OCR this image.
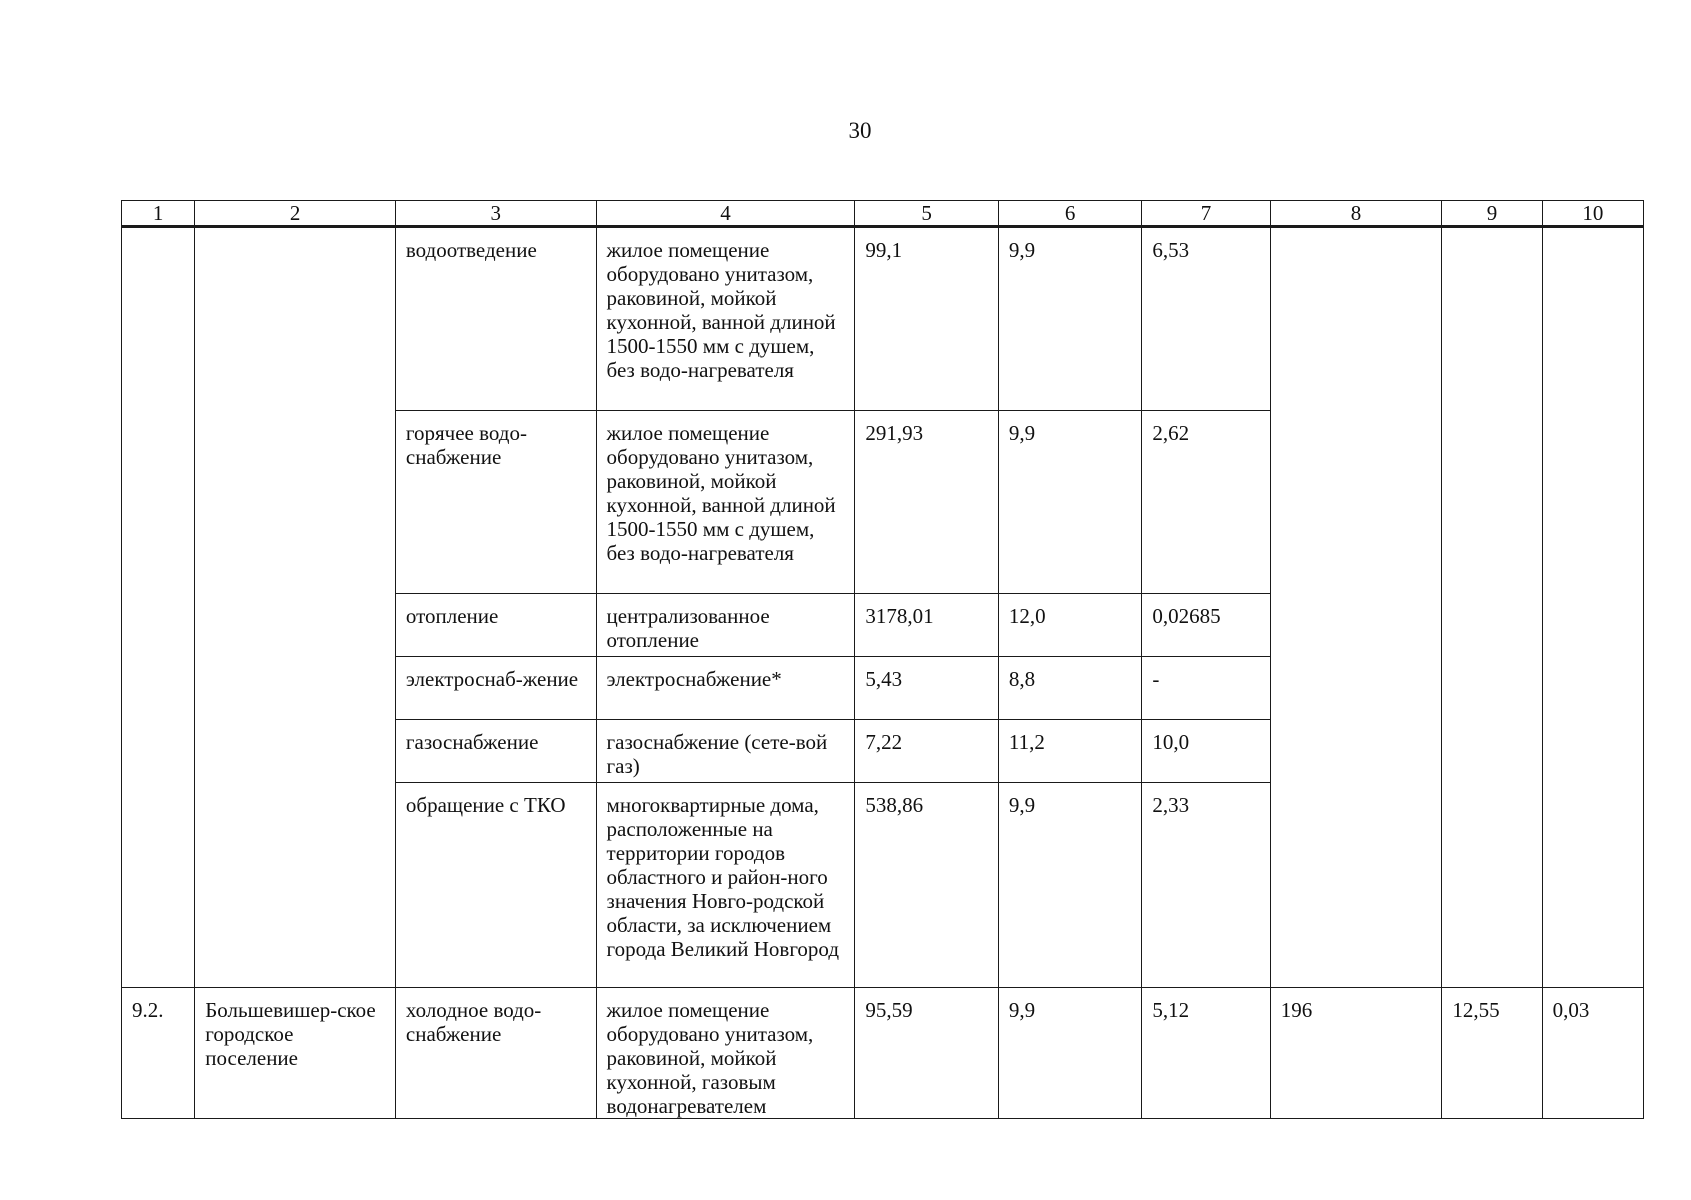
30
1	2	3	4	5	6	7	8	9	10
		водоотведение	жилое помещение оборудовано унитазом, раковиной, мойкой кухонной, ванной длиной 1500-1550 мм с душем, без водо-нагревателя	99,1	9,9	6,53			
		горячее водо-снабжение	жилое помещение оборудовано унитазом, раковиной, мойкой кухонной, ванной длиной 1500-1550 мм с душем, без водо-нагревателя	291,93	9,9	2,62			
		отопление	централизованное отопление	3178,01	12,0	0,02685			
		электроснаб-жение	электроснабжение*	5,43	8,8	-			
		газоснабжение	газоснабжение (сете-вой газ)	7,22	11,2	10,0			
		обращение с ТКО	многоквартирные дома, расположенные на территории городов областного и район-ного значения Новго-родской области, за исключением города Великий Новгород	538,86	9,9	2,33			
9.2.	Большевишер-ское городское поселение	холодное водо-снабжение	жилое помещение оборудовано унитазом, раковиной, мойкой кухонной, газовым водонагревателем	95,59	9,9	5,12	196	12,55	0,03
